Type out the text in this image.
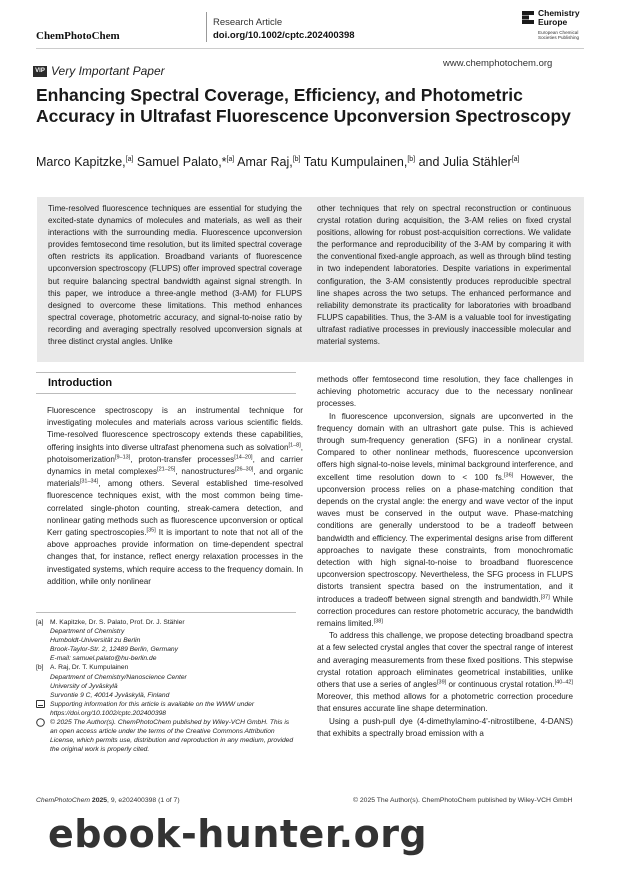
ChemPhotoChem
Research Article
doi.org/10.1002/cptc.202400398
Chemistry
Europe
European Chemical
Societies Publishing
www.chemphotochem.org
VIP Very Important Paper
Enhancing Spectral Coverage, Efficiency, and Photometric Accuracy in Ultrafast Fluorescence Upconversion Spectroscopy
Marco Kapitzke,[a] Samuel Palato,*[a] Amar Raj,[b] Tatu Kumpulainen,[b] and Julia Stähler[a]
Time-resolved fluorescence techniques are essential for studying the excited-state dynamics of molecules and materials, as well as their interactions with the surrounding media. Fluorescence upconversion provides femtosecond time resolution, but its limited spectral coverage often restricts its application. Broadband variants of fluorescence upconversion spectroscopy (FLUPS) offer improved spectral coverage but require balancing spectral bandwidth against signal strength. In this paper, we introduce a three-angle method (3-AM) for FLUPS designed to overcome these limitations. This method enhances spectral coverage, photometric accuracy, and signal-to-noise ratio by recording and averaging spectrally resolved upconversion signals at three distinct crystal angles. Unlike
other techniques that rely on spectral reconstruction or continuous crystal rotation during acquisition, the 3-AM relies on fixed crystal positions, allowing for robust post-acquisition corrections. We validate the performance and reproducibility of the 3-AM by comparing it with the conventional fixed-angle approach, as well as through blind testing in two independent laboratories. Despite variations in experimental configuration, the 3-AM consistently produces reproducible spectral line shapes across the two setups. The enhanced performance and reliability demonstrate its practicality for laboratories with broadband FLUPS capabilities. Thus, the 3-AM is a valuable tool for investigating ultrafast radiative processes in previously inaccessible molecular and material systems.
Introduction

Fluorescence spectroscopy is an instrumental technique for investigating molecules and materials across various scientific fields. Time-resolved fluorescence spectroscopy extends these capabilities, offering insights into diverse ultrafast phenomena such as solvation[1–8], photoisomerization[9–13], proton-transfer processes[14–20], and carrier dynamics in metal complexes[21–25], nanostructures[26–30], and organic materials[31–34], among others. Several established time-resolved fluorescence techniques exist, with the most common being time-correlated single-photon counting, streak-camera detection, and nonlinear gating methods such as fluorescence upconversion or optical Kerr gating spectroscopies.[35] It is important to note that not all of the above approaches provide information on time-dependent spectral changes that, for instance, reflect energy relaxation processes in the investigated systems, which require access to the frequency domain. In addition, while only nonlinear

[a] M. Kapitzke, Dr. S. Palato, Prof. Dr. J. Stähler
Department of Chemistry
Humboldt-Universität zu Berlin
Brook-Taylor-Str. 2, 12489 Berlin, Germany
E-mail: samuel.palato@hu-berlin.de
[b] A. Raj, Dr. T. Kumpulainen
Department of Chemistry/Nanoscience Center
University of Jyväskylä
Survontie 9 C, 40014 Jyväskylä, Finland
Supporting information for this article is available on the WWW under https://doi.org/10.1002/cptc.202400398
© 2025 The Author(s). ChemPhotoChem published by Wiley-VCH GmbH. This is an open access article under the terms of the Creative Commons Attribution License, which permits use, distribution and reproduction in any medium, provided the original work is properly cited.

methods offer femtosecond time resolution, they face challenges in achieving photometric accuracy due to the necessary nonlinear processes.

In fluorescence upconversion, signals are upconverted in the frequency domain with an ultrashort gate pulse. This is achieved through sum-frequency generation (SFG) in a nonlinear crystal. Compared to other nonlinear methods, fluorescence upconversion offers high signal-to-noise levels, minimal background interference, and excellent time resolution down to < 100 fs.[36] However, the upconversion process relies on a phase-matching condition that depends on the crystal angle: the energy and wave vector of the input waves must be conserved in the output wave. Phase-matching conditions are generally understood to be a tradeoff between bandwidth and efficiency. The experimental designs arise from different approaches to navigate these constraints, from monochromatic detection with high signal-to-noise to broadband fluorescence upconversion spectroscopy. Nevertheless, the SFG process in FLUPS distorts transient spectra based on the instrumentation, and it introduces a tradeoff between signal strength and bandwidth.[37] While correction procedures can restore photometric accuracy, the bandwidth remains limited.[38]

To address this challenge, we propose detecting broadband spectra at a few selected crystal angles that cover the spectral range of interest and averaging measurements from these fixed positions. This stepwise crystal rotation approach eliminates geometrical instabilities, unlike others that use a series of angles[39] or continuous crystal rotation.[40–42] Moreover, this method allows for a photometric correction procedure that ensures accurate line shape determination.

Using a push-pull dye (4-dimethylamino-4'-nitrostilbene, 4-DANS) that exhibits a spectrally broad emission with a

ChemPhotoChem 2025, 9, e202400398 (1 of 7)	© 2025 The Author(s). ChemPhotoChem published by Wiley-VCH GmbH
ebook-hunter.org
